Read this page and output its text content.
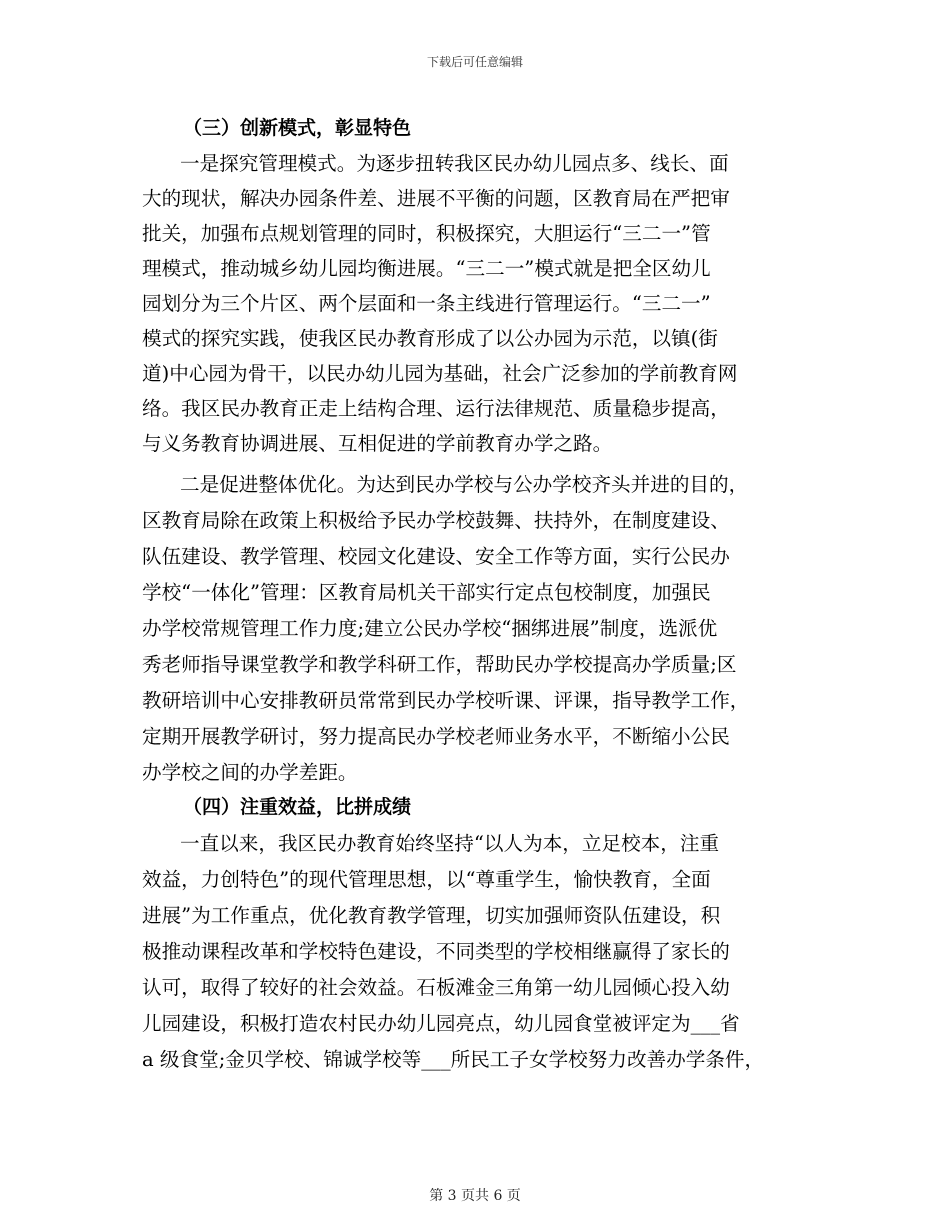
下载后可任意编辑
（三）创新模式，彰显特色
一是探究管理模式。为逐步扭转我区民办幼儿园点多、线长、面
大的现状，解决办园条件差、进展不平衡的问题，区教育局在严把审
批关，加强布点规划管理的同时，积极探究，大胆运行“三二一”管
理模式，推动城乡幼儿园均衡进展。“三二一”模式就是把全区幼儿
园划分为三个片区、两个层面和一条主线进行管理运行。“三二一”
模式的探究实践，使我区民办教育形成了以公办园为示范，以镇(街
道)中心园为骨干，以民办幼儿园为基础，社会广泛参加的学前教育网
络。我区民办教育正走上结构合理、运行法律规范、质量稳步提高，
与义务教育协调进展、互相促进的学前教育办学之路。
二是促进整体优化。为达到民办学校与公办学校齐头并进的目的，
区教育局除在政策上积极给予民办学校鼓舞、扶持外，在制度建设、
队伍建设、教学管理、校园文化建设、安全工作等方面，实行公民办
学校“一体化”管理：区教育局机关干部实行定点包校制度，加强民
办学校常规管理工作力度;建立公民办学校“捆绑进展”制度，选派优
秀老师指导课堂教学和教学科研工作，帮助民办学校提高办学质量;区
教研培训中心安排教研员常常到民办学校听课、评课，指导教学工作，
定期开展教学研讨，努力提高民办学校老师业务水平，不断缩小公民
办学校之间的办学差距。
（四）注重效益，比拼成绩
一直以来，我区民办教育始终坚持“以人为本，立足校本，注重
效益，力创特色”的现代管理思想，以“尊重学生，愉快教育，全面
进展”为工作重点，优化教育教学管理，切实加强师资队伍建设，积
极推动课程改革和学校特色建设，不同类型的学校相继赢得了家长的
认可，取得了较好的社会效益。石板滩金三角第一幼儿园倾心投入幼
儿园建设，积极打造农村民办幼儿园亮点，幼儿园食堂被评定为___省
a 级食堂;金贝学校、锦诚学校等___所民工子女学校努力改善办学条件，
第 3 页共 6 页
